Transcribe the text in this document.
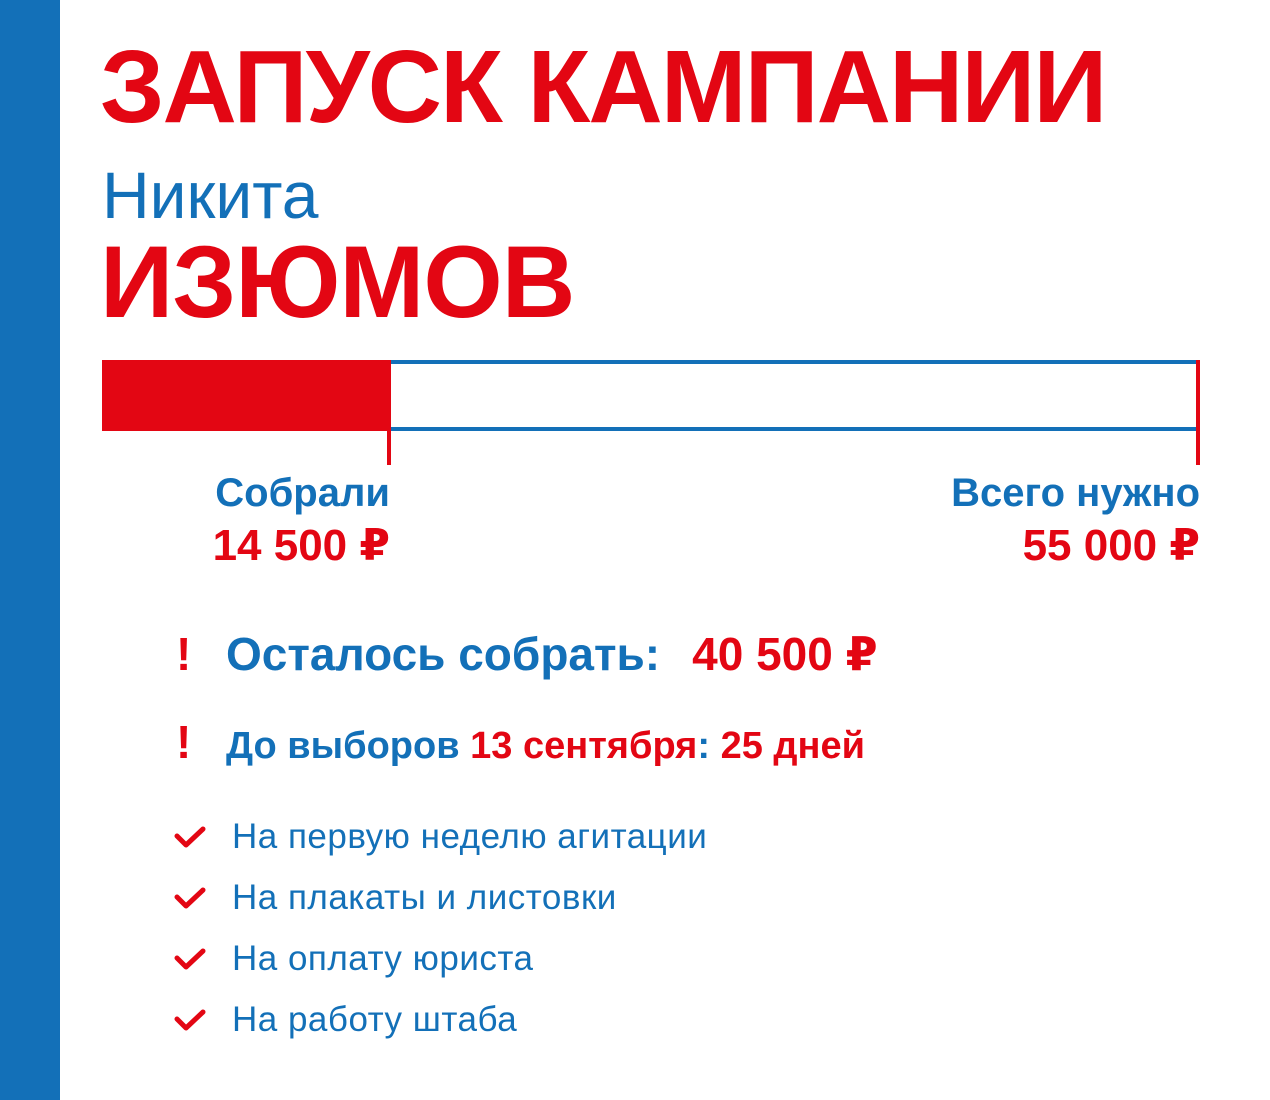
ЗАПУСК КАМПАНИИ
Никита
ИЗЮМОВ
Собрали
14 500 ₽
Всего нужно
55 000 ₽
! Осталось собрать: 40 500 ₽
! До выборов
13 сентября :
25 дней
На первую неделю агитации
На плакаты и листовки
На оплату юриста
На работу штаба
